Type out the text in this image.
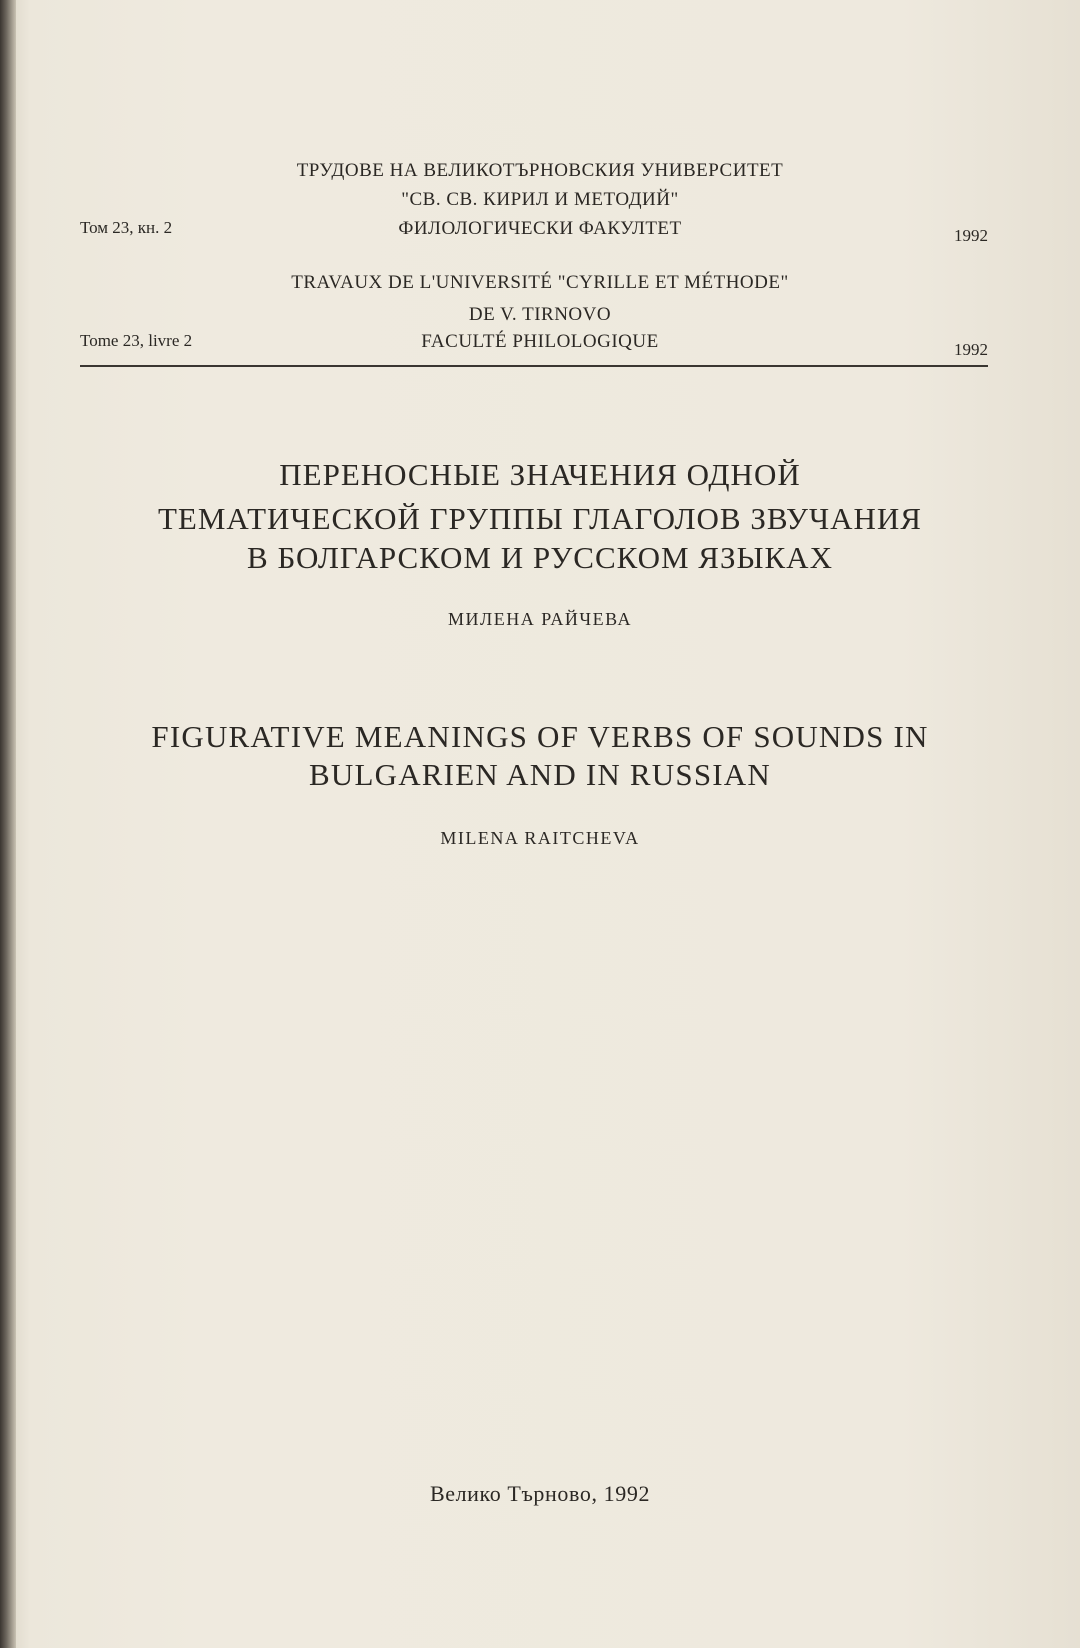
ТРУДОВЕ НА ВЕЛИКОТЪРНОВСКИЯ УНИВЕРСИТЕТ
"СВ. СВ. КИРИЛ И МЕТОДИЙ"
ФИЛОЛОГИЧЕСКИ ФАКУЛТЕТ
Том 23, кн. 2	1992
TRAVAUX DE L'UNIVERSITÉ "CYRILLE ET MÉTHODE"
DE V. TIRNOVO
FACULTÉ PHILOLOGIQUE
Tome 23, livre 2	1992
ПЕРЕНОСНЫЕ ЗНАЧЕНИЯ ОДНОЙ
ТЕМАТИЧЕСКОЙ ГРУППЫ ГЛАГОЛОВ ЗВУЧАНИЯ
В БОЛГАРСКОМ И РУССКОМ ЯЗЫКАХ
МИЛЕНА РАЙЧЕВА
FIGURATIVE MEANINGS OF VERBS OF SOUNDS IN
BULGARIEN AND IN RUSSIAN
MILENA RAITCHEVA
Велико Търново, 1992
